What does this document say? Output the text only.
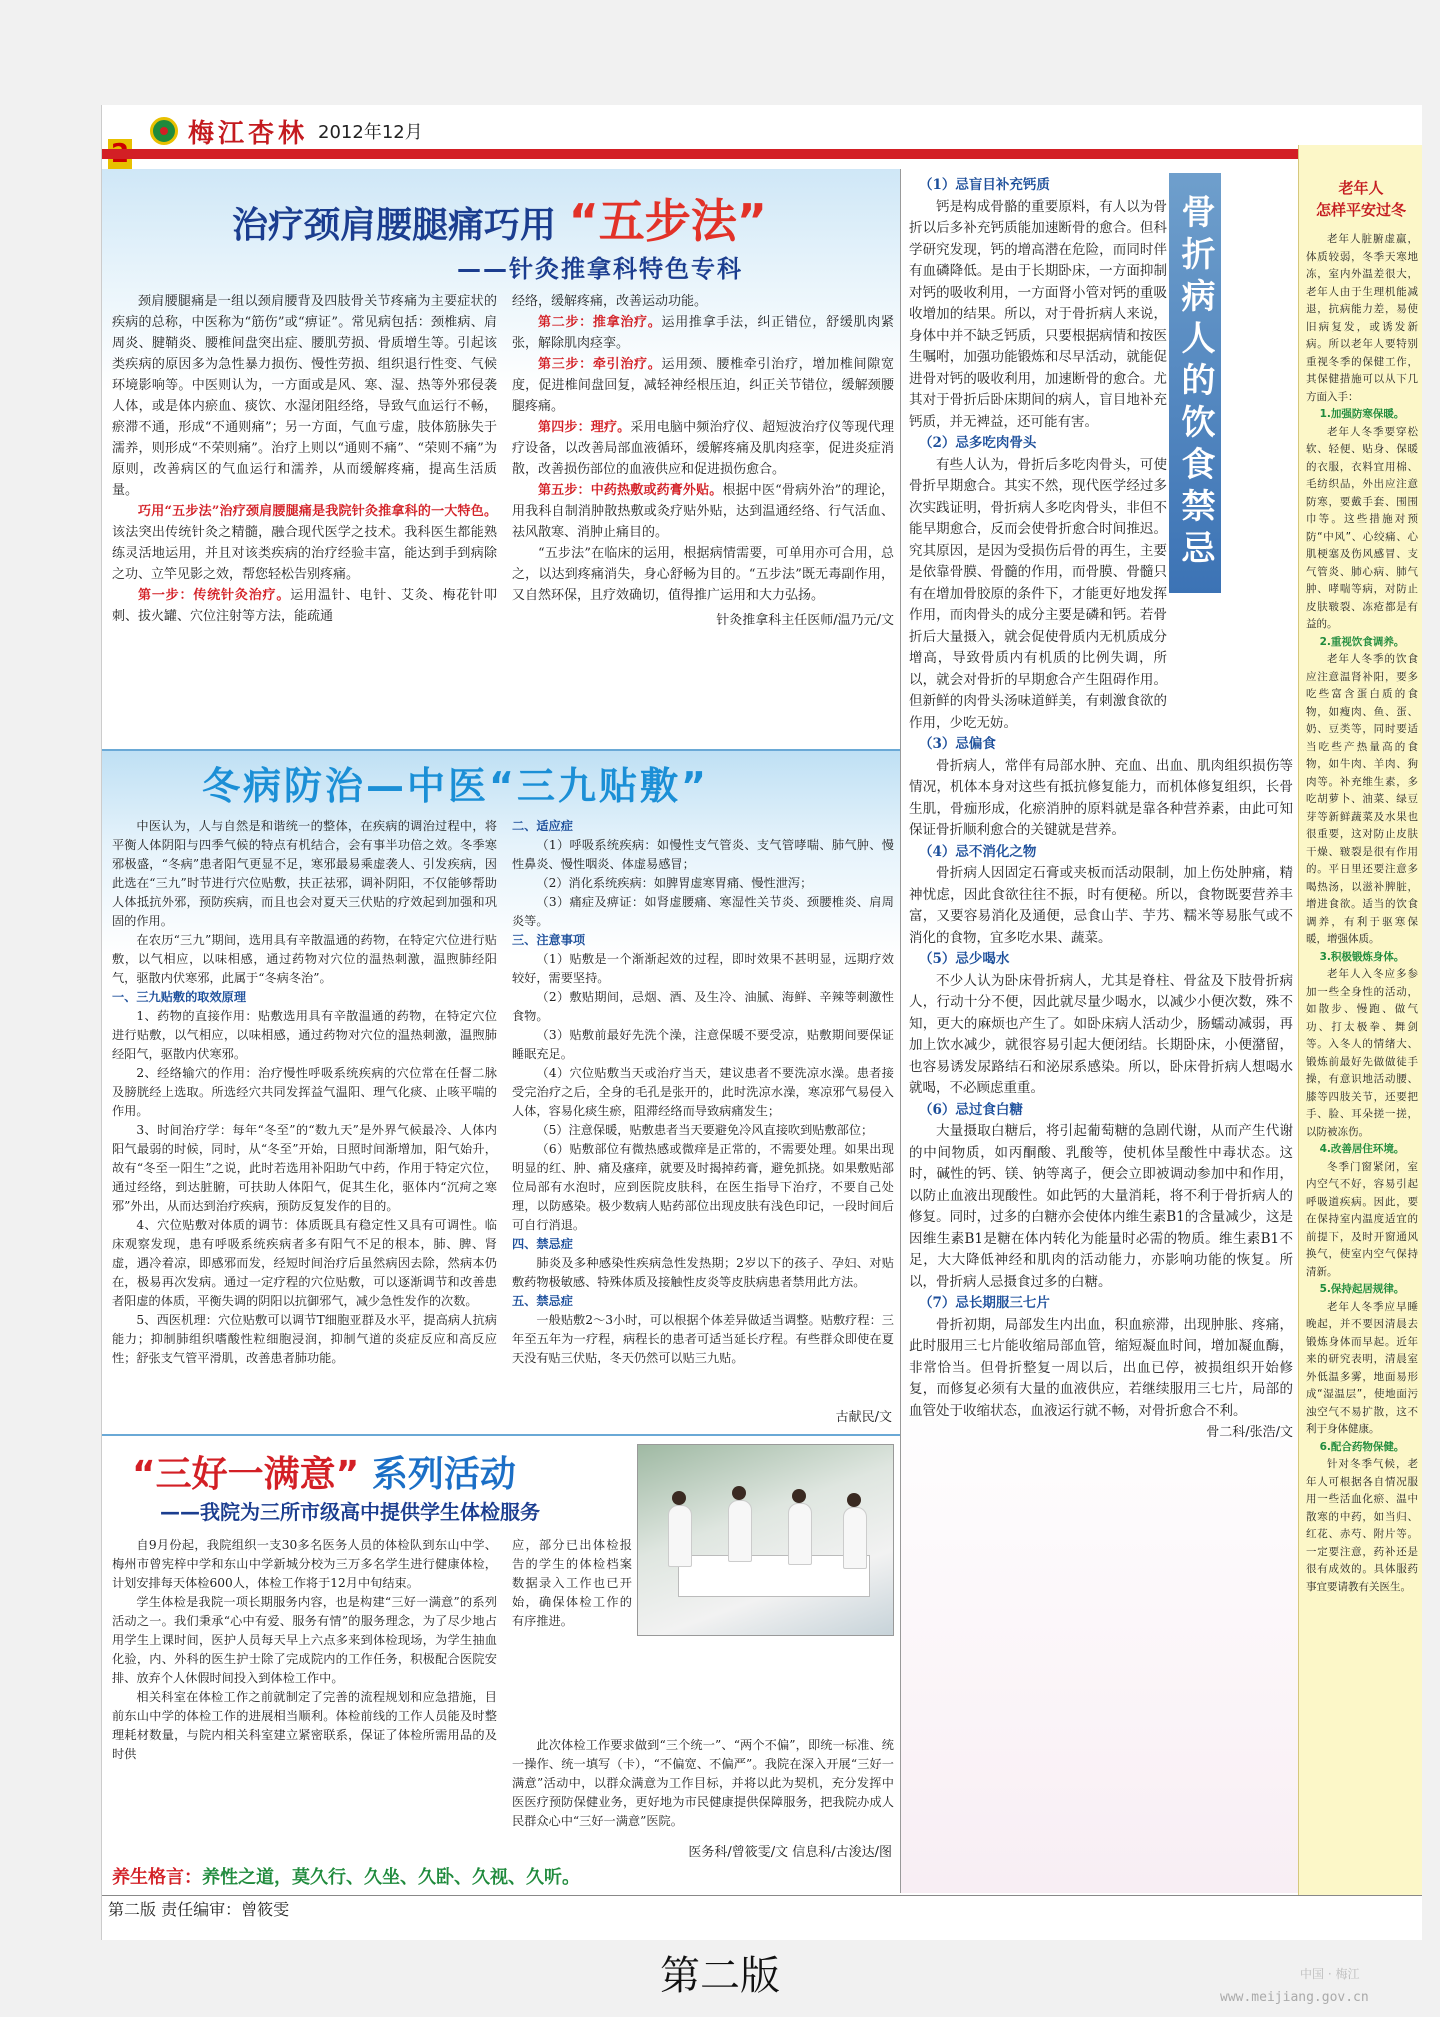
梅江杏林 2012年12月
治疗颈肩腰腿痛巧用 “五步法”
——针灸推拿科特色专科

颈肩腰腿痛是一组以颈肩腰背及四肢骨关节疼痛为主要症状的疾病的总称，中医称为“筋伤”或“痹证”。常见病包括：颈椎病、肩周炎、腱鞘炎、腰椎间盘突出症、腰肌劳损、骨质增生等。引起该类疾病的原因多为急性暴力损伤、慢性劳损、组织退行性变、气候环境影响等。中医则认为，一方面或是风、寒、湿、热等外邪侵袭人体，或是体内瘀血、痰饮、水湿闭阻经络，导致气血运行不畅，瘀滞不通，形成“不通则痛”；另一方面，气血亏虚，肢体筋脉失于濡养，则形成“不荣则痛”。治疗上则以“通则不痛”、“荣则不痛”为原则，改善病区的气血运行和濡养，从而缓解疼痛，提高生活质量。

巧用“五步法”治疗颈肩腰腿痛是我院针灸推拿科的一大特色。该法突出传统针灸之精髓，融合现代医学之技术。我科医生都能熟练灵活地运用，并且对该类疾病的治疗经验丰富，能达到手到病除之功、立竿见影之效，帮您轻松告别疼痛。

第一步：传统针灸治疗。运用温针、电针、艾灸、梅花针叩刺、拔火罐、穴位注射等方法，能疏通

经络，缓解疼痛，改善运动功能。

第二步：推拿治疗。运用推拿手法，纠正错位，舒缓肌肉紧张，解除肌肉痉挛。

第三步：牵引治疗。运用颈、腰椎牵引治疗，增加椎间隙宽度，促进椎间盘回复，减轻神经根压迫，纠正关节错位，缓解颈腰腿疼痛。

第四步：理疗。采用电脑中频治疗仪、超短波治疗仪等现代理疗设备，以改善局部血液循环，缓解疼痛及肌肉痉挛，促进炎症消散，改善损伤部位的血液供应和促进损伤愈合。

第五步：中药热敷或药膏外贴。根据中医“骨病外治”的理论，用我科自制消肿散热敷或灸疗贴外贴，达到温通经络、行气活血、祛风散寒、消肿止痛目的。

“五步法”在临床的运用，根据病情需要，可单用亦可合用，总之，以达到疼痛消失，身心舒畅为目的。“五步法”既无毒副作用，又自然环保，且疗效确切，值得推广运用和大力弘扬。

针灸推拿科主任医师/温乃元/文
冬病防治—中医“三九贴敷”

中医认为，人与自然是和谐统一的整体，在疾病的调治过程中，将平衡人体阴阳与四季气候的特点有机结合，会有事半功倍之效。冬季寒邪极盛，“冬病”患者阳气更显不足，寒邪最易乘虚袭人、引发疾病，因此选在“三九”时节进行穴位贴敷，扶正祛邪，调补阴阳，不仅能够帮助人体抵抗外邪，预防疾病，而且也会对夏天三伏贴的疗效起到加强和巩固的作用。

在农历“三九”期间，选用具有辛散温通的药物，在特定穴位进行贴敷，以气相应，以味相感，通过药物对穴位的温热刺激，温煦肺经阳气，驱散内伏寒邪，此属于“冬病冬治”。

一、三九贴敷的取效原理

1、药物的直接作用：贴敷选用具有辛散温通的药物，在特定穴位进行贴敷，以气相应，以味相感，通过药物对穴位的温热刺激，温煦肺经阳气，驱散内伏寒邪。

2、经络输穴的作用：治疗慢性呼吸系统疾病的穴位常在任督二脉及膀胱经上选取。所选经穴共同发挥益气温阳、理气化痰、止咳平喘的作用。

3、时间治疗学：每年“冬至”的“数九天”是外界气候最冷、人体内阳气最弱的时候，同时，从“冬至”开始，日照时间渐增加，阳气始升，故有“冬至一阳生”之说，此时若选用补阳助气中药，作用于特定穴位，通过经络，到达脏腑，可扶助人体阳气，促其生化，驱体内“沉疴之寒邪”外出，从而达到治疗疾病，预防反复发作的目的。

4、穴位贴敷对体质的调节：体质既具有稳定性又具有可调性。临床观察发现，患有呼吸系统疾病者多有阳气不足的根本，肺、脾、肾虚，遇冷着凉，即感邪而发，经短时间治疗后虽然病因去除，然病本仍在，极易再次发病。通过一定疗程的穴位贴敷，可以逐渐调节和改善患者阳虚的体质，平衡失调的阴阳以抗御邪气，减少急性发作的次数。

5、西医机理：穴位贴敷可以调节T细胞亚群及水平，提高病人抗病能力；抑制肺组织嗜酸性粒细胞浸润，抑制气道的炎症反应和高反应性；舒张支气管平滑肌，改善患者肺功能。

二、适应症

（1）呼吸系统疾病：如慢性支气管炎、支气管哮喘、肺气肿、慢性鼻炎、慢性咽炎、体虚易感冒；

（2）消化系统疾病：如脾胃虚寒胃痛、慢性泄泻；

（3）痛症及痹证：如肾虚腰痛、寒湿性关节炎、颈腰椎炎、肩周炎等。

三、注意事项

（1）贴敷是一个渐渐起效的过程，即时效果不甚明显，远期疗效较好，需要坚持。

（2）敷贴期间，忌烟、酒、及生冷、油腻、海鲜、辛辣等刺激性食物。

（3）贴敷前最好先洗个澡，注意保暖不要受凉，贴敷期间要保证睡眠充足。

（4）穴位贴敷当天或治疗当天，建议患者不要洗凉水澡。患者接受完治疗之后，全身的毛孔是张开的，此时洗凉水澡，寒凉邪气易侵入人体，容易化痰生瘀，阻滞经络而导致病痛发生；

（5）注意保暖，贴敷患者当天要避免冷风直接吹到贴敷部位；

（6）贴敷部位有微热感或微痒是正常的，不需要处理。如果出现明显的红、肿、痛及瘙痒，就要及时揭掉药膏，避免抓挠。如果敷贴部位局部有水泡时，应到医院皮肤科，在医生指导下治疗，不要自己处理，以防感染。极少数病人贴药部位出现皮肤有浅色印记，一段时间后可自行消退。

四、禁忌症

肺炎及多种感染性疾病急性发热期；2岁以下的孩子、孕妇、对贴敷药物极敏感、特殊体质及接触性皮炎等皮肤病患者禁用此方法。

五、禁忌症

一般贴敷2～3小时，可以根据个体差异做适当调整。贴敷疗程：三年至五年为一疗程，病程长的患者可适当延长疗程。有些群众即使在夏天没有贴三伏贴，冬天仍然可以贴三九贴。

古献民/文
“三好一满意” 系列活动
——我院为三所市级高中提供学生体检服务

自9月份起，我院组织一支30多名医务人员的体检队到东山中学、梅州市曾宪梓中学和东山中学新城分校为三万多名学生进行健康体检，计划安排每天体检600人，体检工作将于12月中旬结束。

学生体检是我院一项长期服务内容，也是构建“三好一满意”的系列活动之一。我们秉承“心中有爱、服务有情”的服务理念，为了尽少地占用学生上课时间，医护人员每天早上六点多来到体检现场，为学生抽血化验，内、外科的医生护士除了完成院内的工作任务，积极配合医院安排、放弃个人休假时间投入到体检工作中。

相关科室在体检工作之前就制定了完善的流程规划和应急措施，目前东山中学的体检工作的进展相当顺利。体检前线的工作人员能及时整理耗材数量，与院内相关科室建立紧密联系，保证了体检所需用品的及时供

应，部分已出体检报告的学生的体检档案数据录入工作也已开始，确保体检工作的有序推进。

此次体检工作要求做到“三个统一”、“两个不偏”，即统一标准、统一操作、统一填写（卡），“不偏宽、不偏严”。我院在深入开展“三好一满意”活动中，以群众满意为工作目标，并将以此为契机，充分发挥中医医疗预防保健业务，更好地为市民健康提供保障服务，把我院办成人民群众心中“三好一满意”医院。

医务科/曾筱雯/文 信息科/古浚达/图
养生格言：养性之道，莫久行、久坐、久卧、久视、久听。
骨折病人的饮食禁忌
（1）忌盲目补充钙质

钙是构成骨骼的重要原料，有人以为骨折以后多补充钙质能加速断骨的愈合。但科学研究发现，钙的增高潜在危险，而同时伴有血磷降低。是由于长期卧床，一方面抑制对钙的吸收利用，一方面肾小管对钙的重吸收增加的结果。所以，对于骨折病人来说，身体中并不缺乏钙质，只要根据病情和按医生嘱咐，加强功能锻炼和尽早活动，就能促进骨对钙的吸收利用，加速断骨的愈合。尤其对于骨折后卧床期间的病人，盲目地补充钙质，并无裨益，还可能有害。

（2）忌多吃肉骨头

有些人认为，骨折后多吃肉骨头，可使骨折早期愈合。其实不然，现代医学经过多次实践证明，骨折病人多吃肉骨头，非但不能早期愈合，反而会使骨折愈合时间推迟。究其原因，是因为受损伤后骨的再生，主要是依靠骨膜、骨髓的作用，而骨膜、骨髓只有在增加骨胶原的条件下，才能更好地发挥作用，而肉骨头的成分主要是磷和钙。若骨折后大量摄入，就会促使骨质内无机质成分增高，导致骨质内有机质的比例失调，所以，就会对骨折的早期愈合产生阻碍作用。但新鲜的肉骨头汤味道鲜美，有刺激食欲的作用，少吃无妨。

（3）忌偏食

骨折病人，常伴有局部水肿、充血、出血、肌肉组织损伤等情况，机体本身对这些有抵抗修复能力，而机体修复组织，长骨生肌，骨痂形成，化瘀消肿的原料就是靠各种营养素，由此可知保证骨折顺利愈合的关键就是营养。

（4）忌不消化之物

骨折病人因固定石膏或夹板而活动限制，加上伤处肿痛，精神忧虑，因此食欲往往不振，时有便秘。所以，食物既要营养丰富，又要容易消化及通便，忌食山芋、芋艿、糯米等易胀气或不消化的食物，宜多吃水果、蔬菜。

（5）忌少喝水

不少人认为卧床骨折病人，尤其是脊柱、骨盆及下肢骨折病人，行动十分不便，因此就尽量少喝水，以减少小便次数，殊不知，更大的麻烦也产生了。如卧床病人活动少，肠蠕动减弱，再加上饮水减少，就很容易引起大便闭结。长期卧床，小便潴留，也容易诱发尿路结石和泌尿系感染。所以，卧床骨折病人想喝水就喝，不必顾虑重重。

（6）忌过食白糖

大量摄取白糖后，将引起葡萄糖的急剧代谢，从而产生代谢的中间物质，如丙酮酸、乳酸等，使机体呈酸性中毒状态。这时，碱性的钙、镁、钠等离子，便会立即被调动参加中和作用，以防止血液出现酸性。如此钙的大量消耗，将不利于骨折病人的修复。同时，过多的白糖亦会使体内维生素B1的含量减少，这是因维生素B1是糖在体内转化为能量时必需的物质。维生素B1不足，大大降低神经和肌肉的活动能力，亦影响功能的恢复。所以，骨折病人忌摄食过多的白糖。

（7）忌长期服三七片

骨折初期，局部发生内出血，积血瘀滞，出现肿胀、疼痛，此时服用三七片能收缩局部血管，缩短凝血时间，增加凝血酶，非常恰当。但骨折整复一周以后，出血已停，被损组织开始修复，而修复必须有大量的血液供应，若继续服用三七片，局部的血管处于收缩状态，血液运行就不畅，对骨折愈合不利。

骨二科/张浩/文
老年人
怎样平安过冬

老年人脏腑虚羸，体质较弱，冬季天寒地冻，室内外温差很大，老年人由于生理机能减退，抗病能力差，易使旧病复发，或诱发新病。所以老年人要特别重视冬季的保健工作，其保健措施可以从下几方面入手：

1.加强防寒保暖。

老年人冬季要穿松软、轻便、贴身、保暖的衣服，衣料宜用棉、毛纺织品，外出应注意防寒，要戴手套、围围巾等。这些措施对预防“中风”、心绞痛、心肌梗塞及伤风感冒、支气管炎、肺心病、肺气肿、哮喘等病，对防止皮肤皲裂、冻疮都是有益的。

2.重视饮食调养。

老年人冬季的饮食应注意温肾补阳，要多吃些富含蛋白质的食物，如瘦肉、鱼、蛋、奶、豆类等，同时要适当吃些产热量高的食物，如牛肉、羊肉、狗肉等。补充维生素，多吃胡萝卜、油菜、绿豆芽等新鲜蔬菜及水果也很重要，这对防止皮肤干燥、皲裂是很有作用的。平日里还要注意多喝热汤，以滋补脾脏，增进食欲。适当的饮食调养，有利于驱寒保暖，增强体质。

3.积极锻炼身体。

老年人入冬应多参加一些全身性的活动，如散步、慢跑、做气功、打太极拳、舞剑等。入冬人的情绪大、锻炼前最好先做做徒手操，有意识地活动腰、膝等四肢关节，还要把手、脸、耳朵搓一搓，以防被冻伤。

4.改善居住环境。

冬季门窗紧闭，室内空气不好，容易引起呼吸道疾病。因此，要在保持室内温度适宜的前提下，及时开窗通风换气，使室内空气保持清新。

5.保持起居规律。

老年人冬季应早睡晚起，并不要因清晨去锻炼身体而早起。近年来的研究表明，清晨室外低温多雾，地面易形成“湿温层”，使地面污浊空气不易扩散，这不利于身体健康。

6.配合药物保健。

针对冬季气候，老年人可根据各自情况服用一些活血化瘀、温中散寒的中药，如当归、红花、赤芍、附片等。一定要注意，药补还是很有成效的。具体服药事宜要请教有关医生。

第二版 责任编审：曾筱雯
第二版	中国 · 梅江
www.meijiang.gov.cn
